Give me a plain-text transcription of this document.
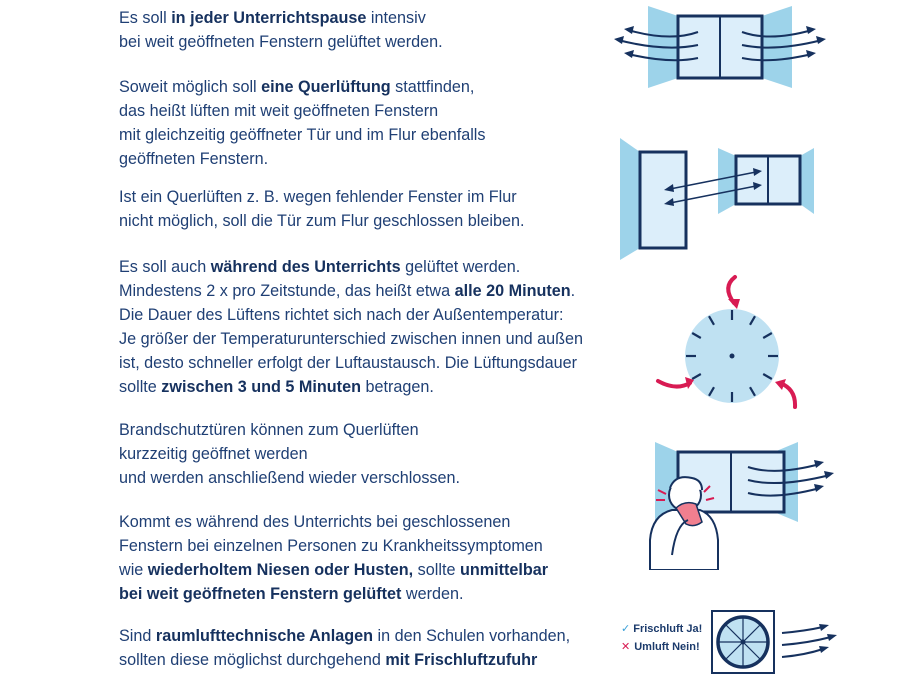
Es soll in jeder Unterrichtspause intensiv
bei weit geöffneten Fenstern gelüftet werden.

Soweit möglich soll eine Querlüftung stattfinden,
das heißt lüften mit weit geöffneten Fenstern
mit gleichzeitig geöffneter Tür und im Flur ebenfalls
geöffneten Fenstern.

Ist ein Querlüften z. B. wegen fehlender Fenster im Flur
nicht möglich, soll die Tür zum Flur geschlossen bleiben.

Es soll auch während des Unterrichts gelüftet werden.
Mindestens 2 x pro Zeitstunde, das heißt etwa alle 20 Minuten.
Die Dauer des Lüftens richtet sich nach der Außentemperatur:
Je größer der Temperaturunterschied zwischen innen und außen
ist, desto schneller erfolgt der Luftaustausch. Die Lüftungsdauer
sollte zwischen 3 und 5 Minuten betragen.

Brandschutztüren können zum Querlüften
kurzzeitig geöffnet werden
und werden anschließend wieder verschlossen.

Kommt es während des Unterrichts bei geschlossenen
Fenstern bei einzelnen Personen zu Krankheitssymptomen
wie wiederholtem Niesen oder Husten, sollte unmittelbar
bei weit geöffneten Fenstern gelüftet werden.

Sind raumlufttechnische Anlagen in den Schulen vorhanden,
sollten diese möglichst durchgehend mit Frischluftzufuhr

✓ Frischluft Ja!
✕ Umluft Nein!
